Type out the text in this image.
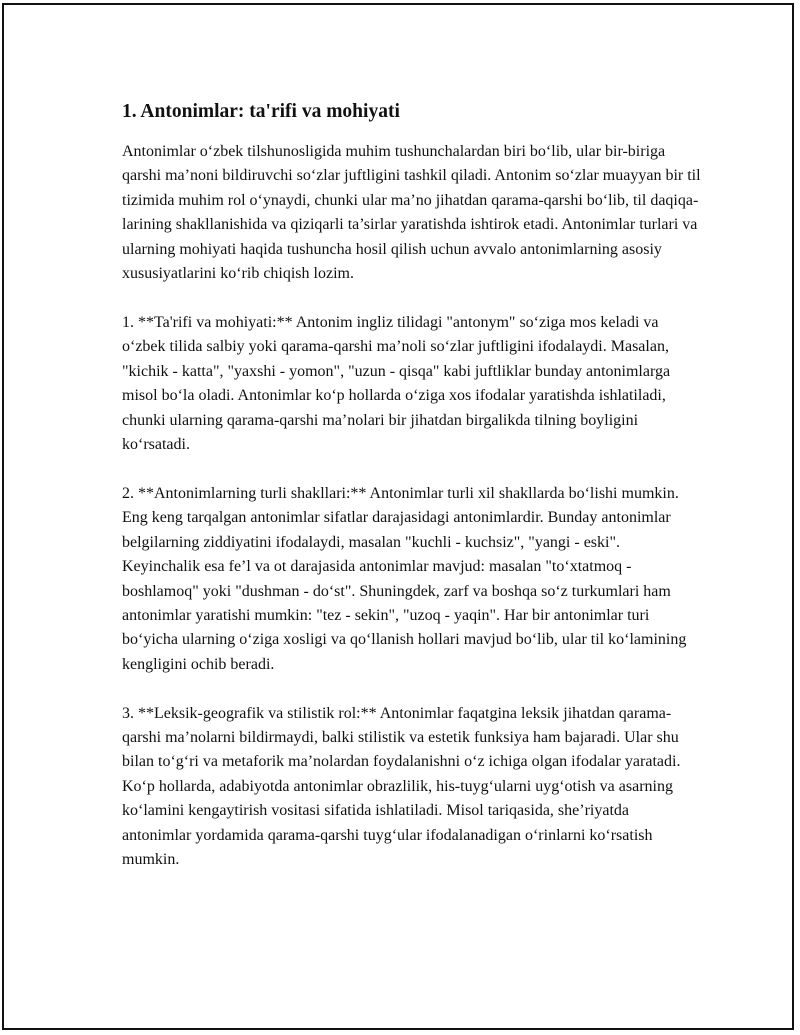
1. Antonimlar: ta'rifi va mohiyati

Antonimlar o‘zbek tilshunosligida muhim tushunchalardan biri bo‘lib, ular bir-biriga qarshi ma’noni bildiruvchi so‘zlar juftligini tashkil qiladi. Antonim so‘zlar muayyan bir til tizimida muhim rol o‘ynaydi, chunki ular ma’no jihatdan qarama-qarshi bo‘lib, til daqiqa-larining shakllanishida va qiziqarli ta’sirlar yaratishda ishtirok etadi. Antonimlar turlari va ularning mohiyati haqida tushuncha hosil qilish uchun avvalo antonimlarning asosiy xususiyatlarini ko‘rib chiqish lozim.

1. **Ta'rifi va mohiyati:** Antonim ingliz tilidagi "antonym" so‘ziga mos keladi va o‘zbek tilida salbiy yoki qarama-qarshi ma’noli so‘zlar juftligini ifodalaydi. Masalan, "kichik - katta", "yaxshi - yomon", "uzun - qisqa" kabi juftliklar bunday antonimlarga misol bo‘la oladi. Antonimlar ko‘p hollarda o‘ziga xos ifodalar yaratishda ishlatiladi, chunki ularning qarama-qarshi ma’nolari bir jihatdan birgalikda tilning boyligini ko‘rsatadi.

2. **Antonimlarning turli shakllari:** Antonimlar turli xil shakllarda bo‘lishi mumkin. Eng keng tarqalgan antonimlar sifatlar darajasidagi antonimlardir. Bunday antonimlar belgilarning ziddiyatini ifodalaydi, masalan "kuchli - kuchsiz", "yangi - eski". Keyinchalik esa fe’l va ot darajasida antonimlar mavjud: masalan "to‘xtatmoq - boshlamoq" yoki "dushman - do‘st". Shuningdek, zarf va boshqa so‘z turkumlari ham antonimlar yaratishi mumkin: "tez - sekin", "uzoq - yaqin". Har bir antonimlar turi bo‘yicha ularning o‘ziga xosligi va qo‘llanish hollari mavjud bo‘lib, ular til ko‘lamining kengligini ochib beradi.

3. **Leksik-geografik va stilistik rol:** Antonimlar faqatgina leksik jihatdan qarama-qarshi ma’nolarni bildirmaydi, balki stilistik va estetik funksiya ham bajaradi. Ular shu bilan to‘g‘ri va metaforik ma’nolardan foydalanishni o‘z ichiga olgan ifodalar yaratadi. Ko‘p hollarda, adabiyotda antonimlar obrazlilik, his-tuyg‘ularni uyg‘otish va asarning ko‘lamini kengaytirish vositasi sifatida ishlatiladi. Misol tariqasida, she’riyatda antonimlar yordamida qarama-qarshi tuyg‘ular ifodalanadigan o‘rinlarni ko‘rsatish mumkin.
